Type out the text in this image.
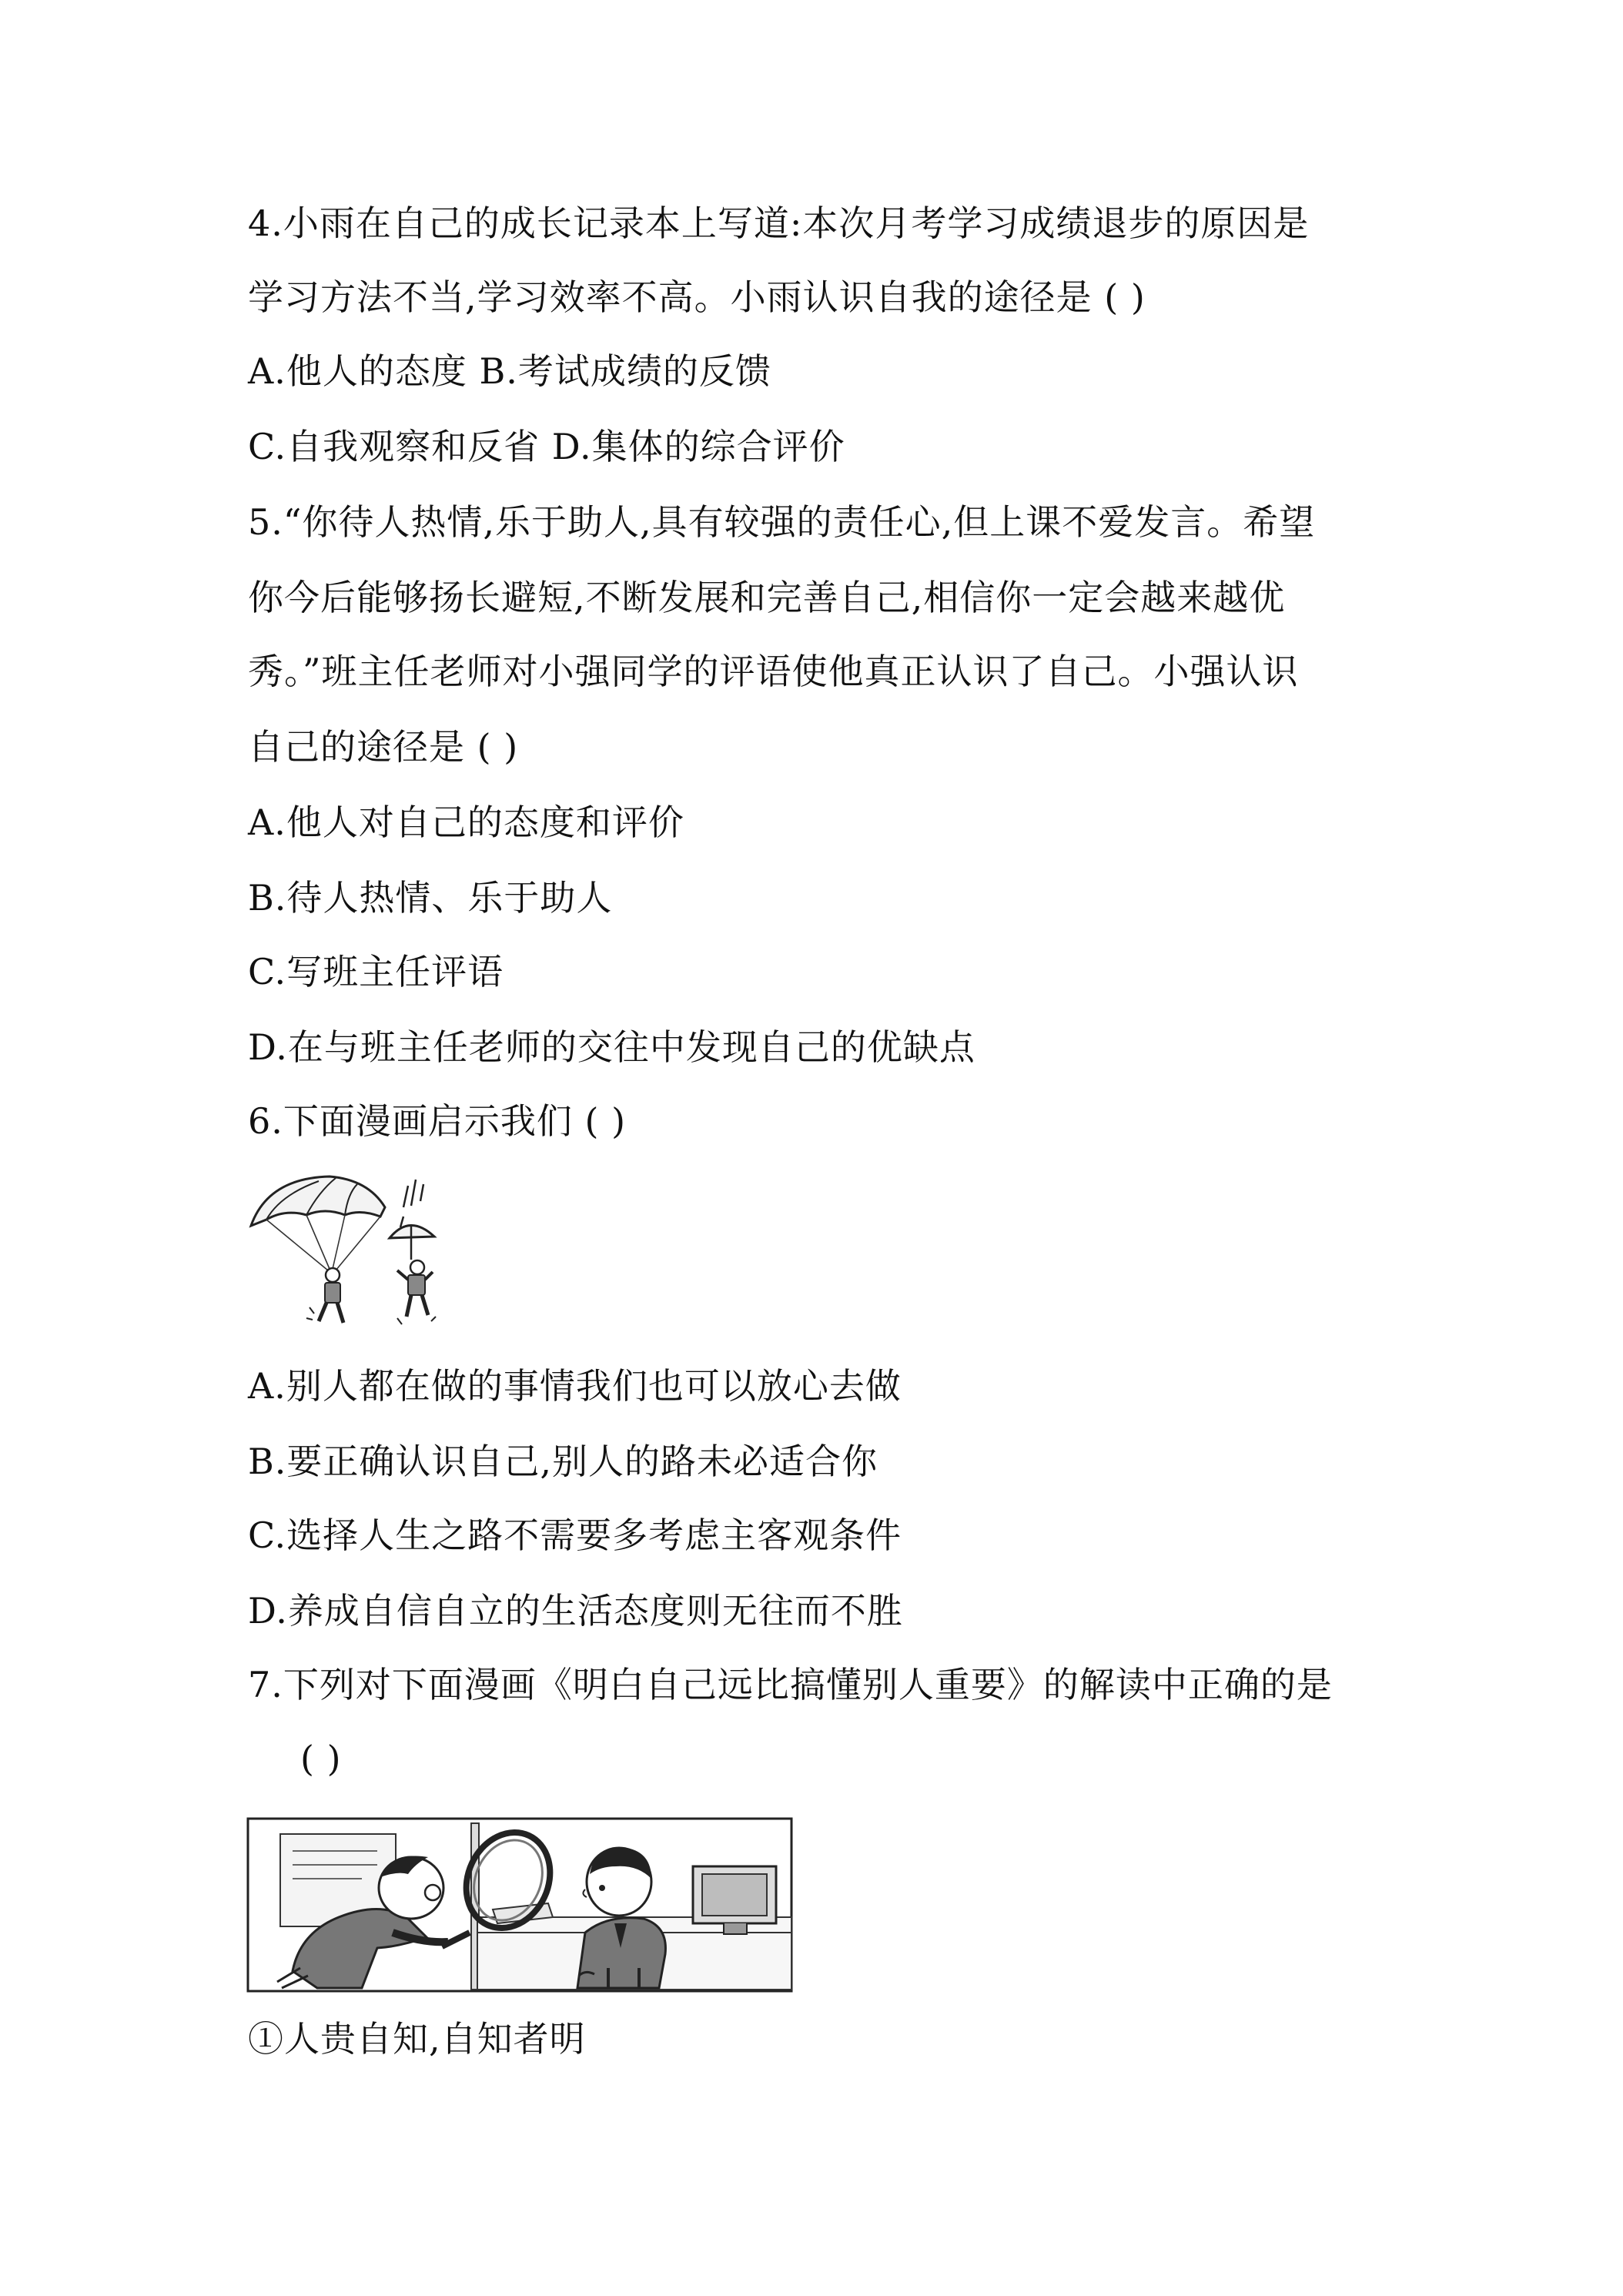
4.小雨在自己的成长记录本上写道:本次月考学习成绩退步的原因是
学习方法不当,学习效率不高。小雨认识自我的途径是 ( )
A.他人的态度 B.考试成绩的反馈
C.自我观察和反省 D.集体的综合评价
5.“你待人热情,乐于助人,具有较强的责任心,但上课不爱发言。希望
你今后能够扬长避短,不断发展和完善自己,相信你一定会越来越优
秀。”班主任老师对小强同学的评语使他真正认识了自己。小强认识
自己的途径是 ( )
A.他人对自己的态度和评价
B.待人热情、乐于助人
C.写班主任评语
D.在与班主任老师的交往中发现自己的优缺点
6.下面漫画启示我们 ( )
A.别人都在做的事情我们也可以放心去做
B.要正确认识自己,别人的路未必适合你
C.选择人生之路不需要多考虑主客观条件
D.养成自信自立的生活态度则无往而不胜
7.下列对下面漫画《明白自己远比搞懂别人重要》的解读中正确的是
( )
①人贵自知,自知者明
